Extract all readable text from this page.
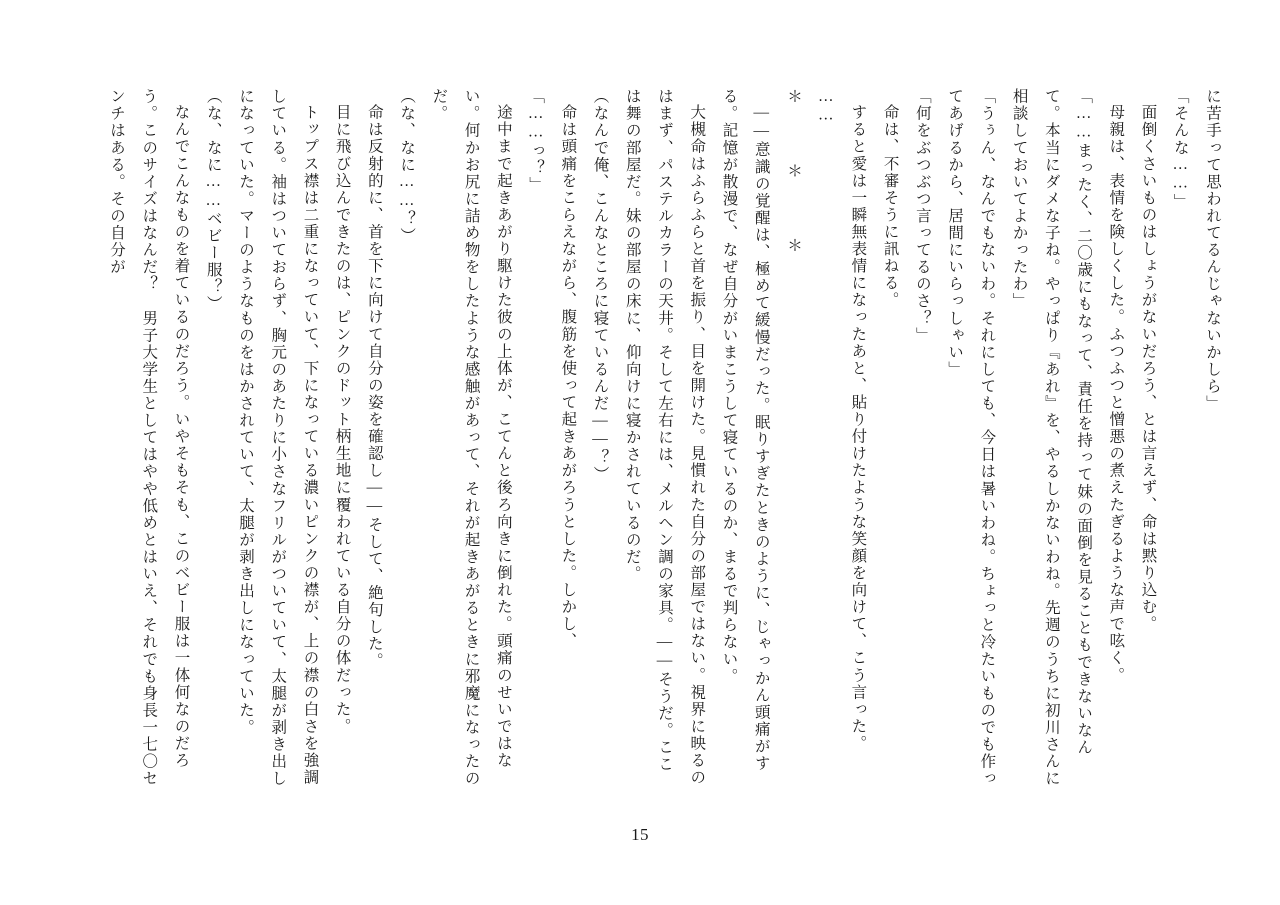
に苦手って思われてるんじゃないかしら」

「そんな……」

面倒くさいものはしょうがないだろう、とは言えず、命は黙り込む。

母親は、表情を険しくした。ふつふつと憎悪の煮えたぎるような声で呟く。

「……まったく、二〇歳にもなって、責任を持って妹の面倒を見ることもできないなんて。本当にダメな子ね。やっぱり『あれ』を、やるしかないわね。先週のうちに初川さんに相談しておいてよかったわ」

「うぅん、なんでもないわ。それにしても、今日は暑いわね。ちょっと冷たいものでも作ってあげるから、居間にいらっしゃい」

「何をぶつぶつ言ってるのさ？」

命は、不審そうに訊ねる。

すると愛は一瞬無表情になったあと、貼り付けたような笑顔を向けて、こう言った。

……

＊　＊　＊

――意識の覚醒は、極めて緩慢だった。眠りすぎたときのように、じゃっかん頭痛がする。記憶が散漫で、なぜ自分がいまこうして寝ているのか、まるで判らない。

大槻命はふらふらと首を振り、目を開けた。見慣れた自分の部屋ではない。視界に映るのはまず、パステルカラーの天井。そして左右には、メルヘン調の家具。――そうだ。ここは舞の部屋だ。妹の部屋の床に、仰向けに寝かされているのだ。

（なんで俺、こんなところに寝ているんだ――？）

命は頭痛をこらえながら、腹筋を使って起きあがろうとした。しかし、

「……っ？」

途中まで起きあがり駆けた彼の上体が、こてんと後ろ向きに倒れた。頭痛のせいではない。何かお尻に詰め物をしたような感触があって、それが起きあがるときに邪魔になったのだ。

（な、なに……？）

命は反射的に、首を下に向けて自分の姿を確認し――そして、絶句した。

目に飛び込んできたのは、ピンクのドット柄生地に覆われている自分の体だった。

トップス襟は二重になっていて、下になっている濃いピンクの襟が、上の襟の白さを強調している。袖はついておらず、胸元のあたりに小さなフリルがついていて、太腿が剥き出しになっていた。マーのようなものをはかされていて、太腿が剥き出しになっていた。

（な、なに……ベビー服？）

なんでこんなものを着ているのだろう。いやそもそも、このベビー服は一体何なのだろう。このサイズはなんだ？　男子大学生としてはやや低めとはいえ、それでも身長一七〇センチはある。その自分が

15
